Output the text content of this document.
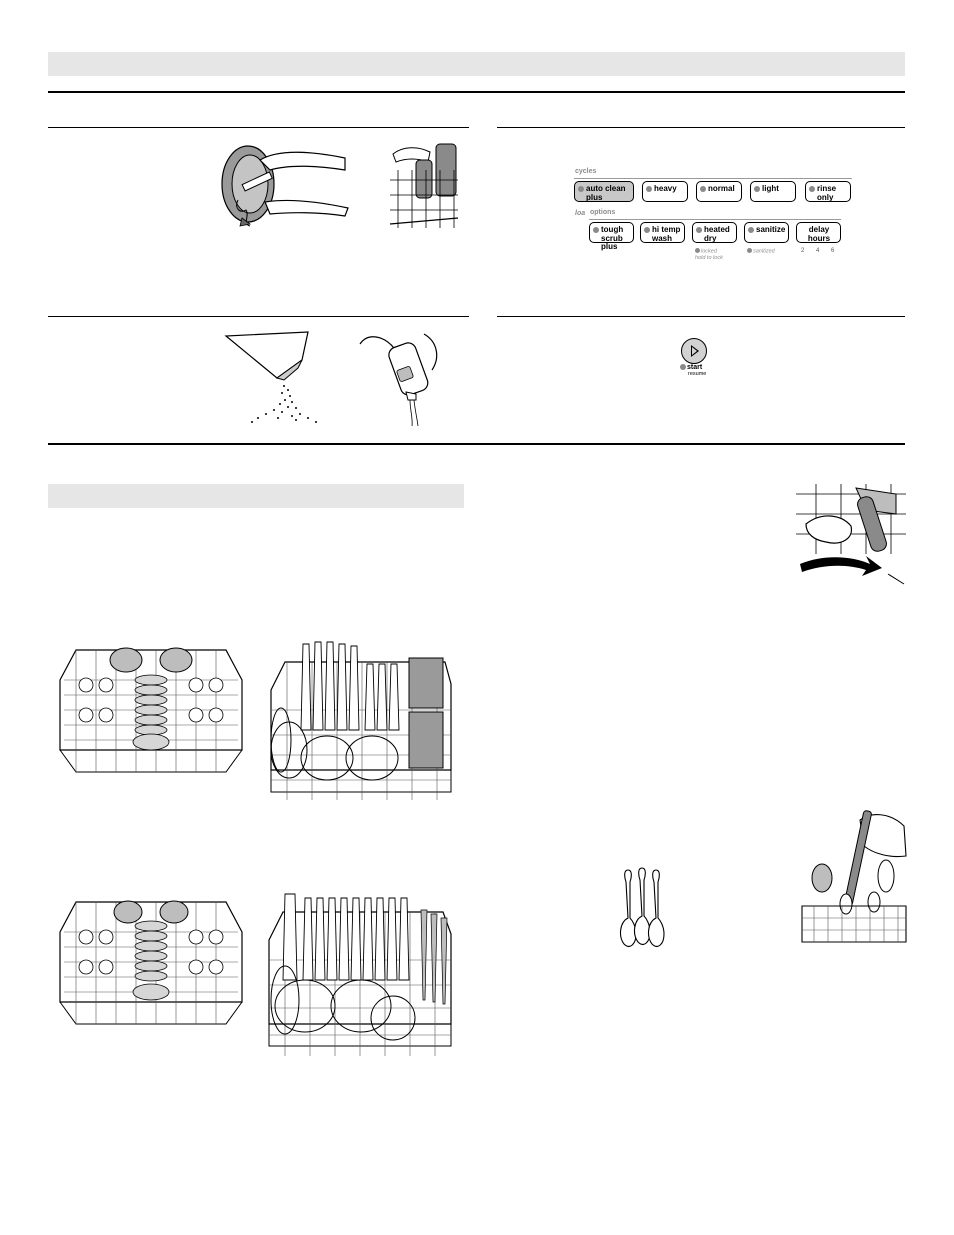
cycles
auto clean
plus
heavy	normal	light	rinse
only
loa options
tough
scrub plus
hi temp
wash
heated
dry
sanitize	delay
hours
locked
hold to lock
sanitized	2 4 6
start
resume
